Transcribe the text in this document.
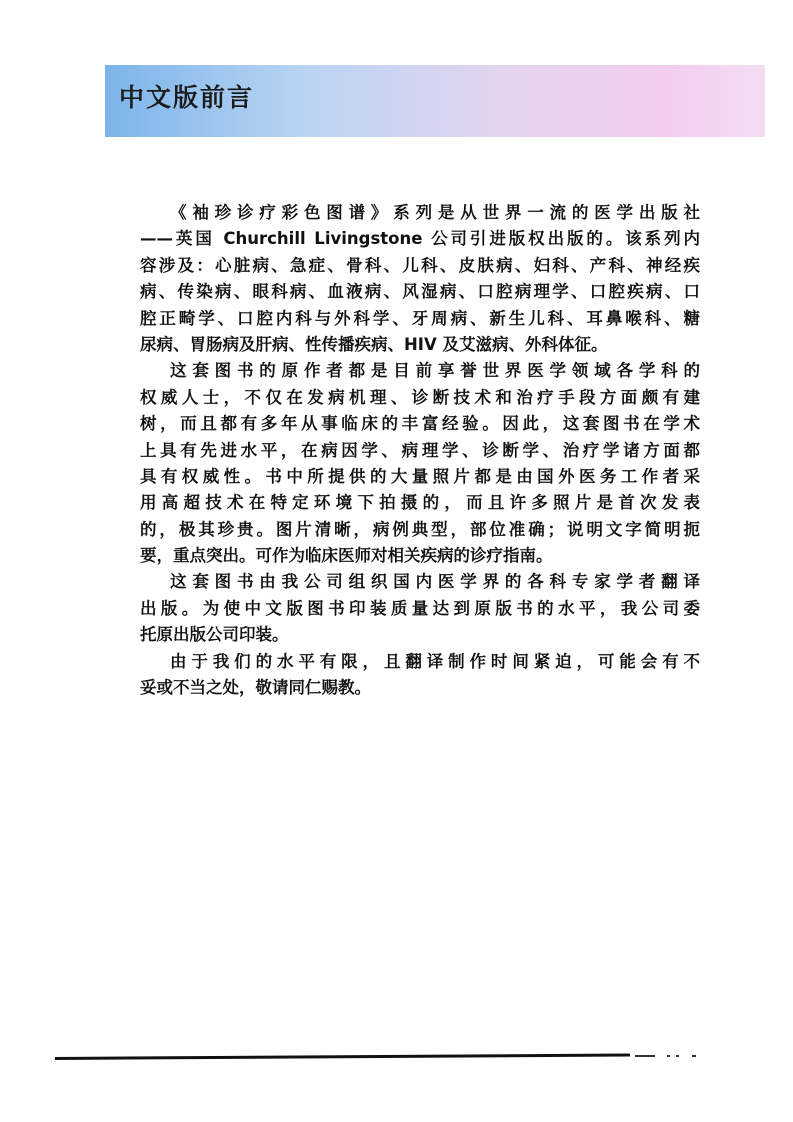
中文版前言
《袖珍诊疗彩色图谱》系列是从世界一流的医学出版社
——英国 Churchill Livingstone 公司引进版权出版的。该系列内
容涉及：心脏病、急症、骨科、儿科、皮肤病、妇科、产科、神经疾
病、传染病、眼科病、血液病、风湿病、口腔病理学、口腔疾病、口
腔正畸学、口腔内科与外科学、牙周病、新生儿科、耳鼻喉科、糖
尿病、胃肠病及肝病、性传播疾病、HIV 及艾滋病、外科体征。
这套图书的原作者都是目前享誉世界医学领域各学科的
权威人士，不仅在发病机理、诊断技术和治疗手段方面颇有建
树，而且都有多年从事临床的丰富经验。因此，这套图书在学术
上具有先进水平，在病因学、病理学、诊断学、治疗学诸方面都
具有权威性。书中所提供的大量照片都是由国外医务工作者采
用高超技术在特定环境下拍摄的，而且许多照片是首次发表
的，极其珍贵。图片清晰，病例典型，部位准确；说明文字简明扼
要，重点突出。可作为临床医师对相关疾病的诊疗指南。
这套图书由我公司组织国内医学界的各科专家学者翻译
出版。为使中文版图书印装质量达到原版书的水平，我公司委
托原出版公司印装。
由于我们的水平有限，且翻译制作时间紧迫，可能会有不
妥或不当之处，敬请同仁赐教。
